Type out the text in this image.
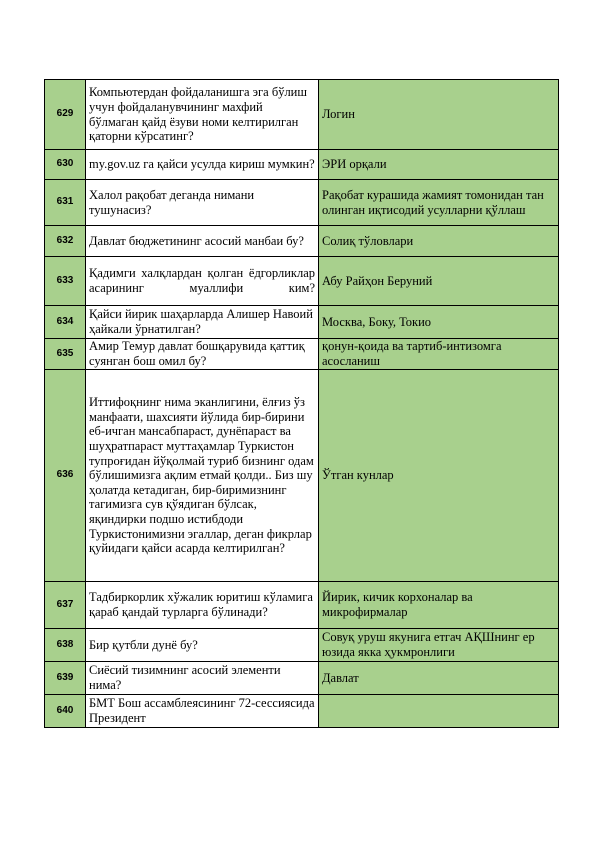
629	Компьютердан фойдаланишга эга бўлиш учун фойдаланувчининг махфий бўлмаган қайд ёзуви номи келтирилган қаторни кўрсатинг?	Логин
630	my.gov.uz га қайси усулда кириш мумкин?	ЭРИ орқали
631	Халол рақобат деганда нимани тушунасиз?	Рақобат курашида жамият томонидан тан олинган иқтисодий усулларни қўллаш
632	Давлат бюджетининг асосий манбаи бу?	Солиқ тўловлари
633	Қадимги халқлардан қолган ёдгорликлар асарининг муаллифи ким?	Абу Райҳон Беруний
634	Қайси йирик шаҳарларда Алишер Навоий ҳайкали ўрнатилган?	Москва, Боку, Токио
635	Амир Темур давлат бошқарувида қаттиқ суянган бош омил бу?	қонун-қоида ва тартиб-интизомга асосланиш
636	Иттифоқнинг нима эканлигини, ёлғиз ўз манфаати, шахсияти йўлида бир-бирини еб-ичган мансабпараст, дунёпараст ва шуҳратпараст муттаҳамлар Туркистон тупроғидан йўқолмай туриб бизнинг одам бўлишимизга ақлим етмай қолди.. Биз шу ҳолатда кетадиган, бир-биримизнинг тагимизга сув қўядиган бўлсак, яқиндирки подшо истибдоди Туркистонимизни эгаллар, деган фикрлар қуйидаги қайси асарда келтирилган?	Ўтган кунлар
637	Тадбиркорлик хўжалик юритиш кўламига қараб қандай турларга бўлинади?	Йирик, кичик корхоналар ва микрофирмалар
638	Бир қутбли дунё бу?	Совуқ уруш якунига етгач АҚШнинг ер юзида якка ҳукмронлиги
639	Сиёсий тизимнинг асосий элементи нима?	Давлат
640	БМТ Бош ассамблеясининг 72-сессиясида Президент	
